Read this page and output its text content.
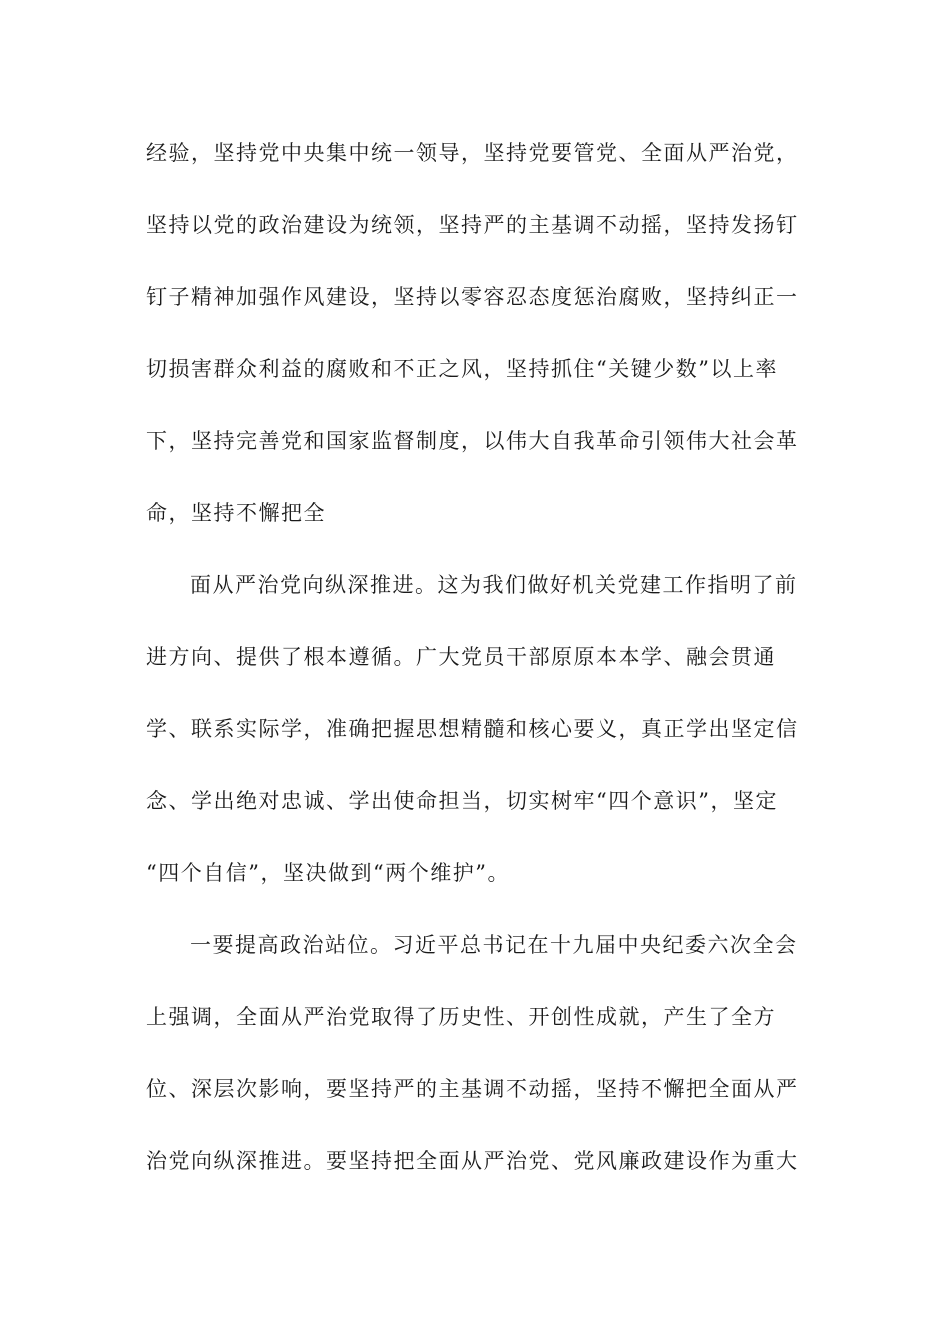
经验，坚持党中央集中统一领导，坚持党要管党、全面从严治党，
坚持以党的政治建设为统领，坚持严的主基调不动摇，坚持发扬钉
钉子精神加强作风建设，坚持以零容忍态度惩治腐败，坚持纠正一
切损害群众利益的腐败和不正之风，坚持抓住“关键少数”以上率
下，坚持完善党和国家监督制度，以伟大自我革命引领伟大社会革
命，坚持不懈把全
面从严治党向纵深推进。这为我们做好机关党建工作指明了前
进方向、提供了根本遵循。广大党员干部原原本本学、融会贯通
学、联系实际学，准确把握思想精髓和核心要义，真正学出坚定信
念、学出绝对忠诚、学出使命担当，切实树牢“四个意识”，坚定
“四个自信”，坚决做到“两个维护”。
一要提高政治站位。习近平总书记在十九届中央纪委六次全会
上强调，全面从严治党取得了历史性、开创性成就，产生了全方
位、深层次影响，要坚持严的主基调不动摇，坚持不懈把全面从严
治党向纵深推进。要坚持把全面从严治党、党风廉政建设作为重大
